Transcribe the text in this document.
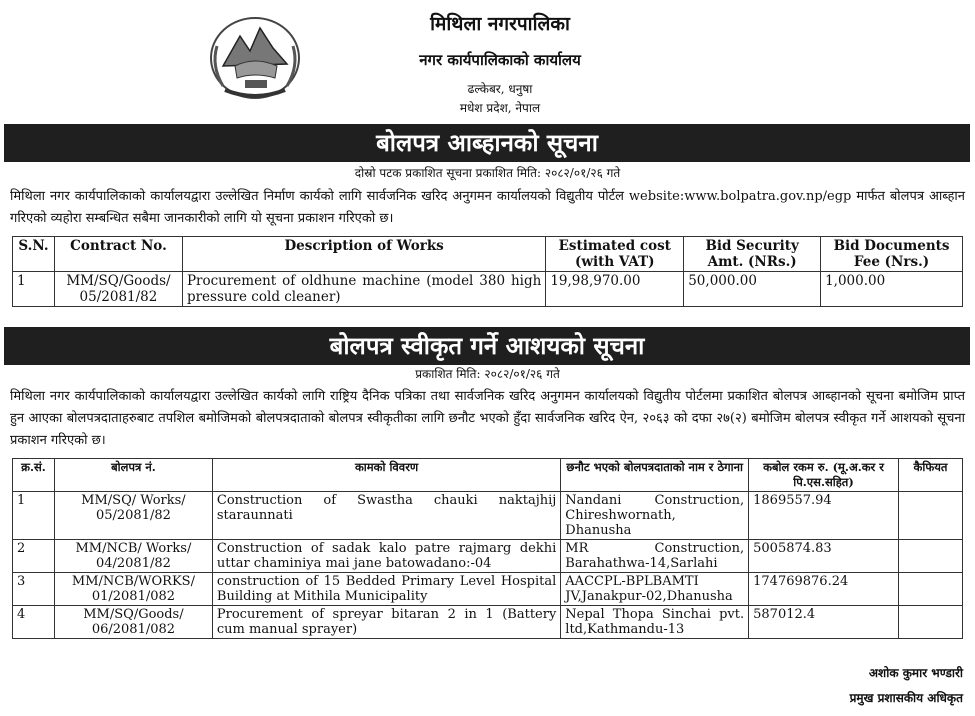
मिथिला नगरपालिका
नगर कार्यपालिकाको कार्यालय
ढल्केबर, धनुषा
मधेश प्रदेश, नेपाल
बोलपत्र आब्हानको सूचना
दोस्रो पटक प्रकाशित सूचना प्रकाशित मिति: २०८२/०१/२६ गते
मिथिला नगर कार्यपालिकाको कार्यालयद्वारा उल्लेखित निर्माण कार्यको लागि सार्वजनिक खरिद अनुगमन कार्यालयको विद्युतीय पोर्टल website:www.bolpatra.gov.np/egp मार्फत बोलपत्र आब्हान गरिएको व्यहोरा सम्बन्धित सबैमा जानकारीको लागि यो सूचना प्रकाशन गरिएको छ।
S.N.	Contract No.	Description of Works	Estimated cost (with VAT)	Bid Security Amt. (NRs.)	Bid Documents Fee (Nrs.)
1	MM/SQ/Goods/ 05/2081/82	Procurement of oldhune machine (model 380 high pressure cold cleaner)	19,98,970.00	50,000.00	1,000.00
बोलपत्र स्वीकृत गर्ने आशयको सूचना
प्रकाशित मिति: २०८२/०१/२६ गते
मिथिला नगर कार्यपालिकाको कार्यालयद्वारा उल्लेखित कार्यको लागि राष्ट्रिय दैनिक पत्रिका तथा सार्वजनिक खरिद अनुगमन कार्यालयको विद्युतीय पोर्टलमा प्रकाशित बोलपत्र आब्हानको सूचना बमोजिम प्राप्त हुन आएका बोलपत्रदाताहरुबाट तपशिल बमोजिमको बोलपत्रदाताको बोलपत्र स्वीकृतीका लागि छनौट भएको हुँदा सार्वजनिक खरिद ऐन, २०६३ को दफा २७(२) बमोजिम बोलपत्र स्वीकृत गर्ने आशयको सूचना प्रकाशन गरिएको छ।
क्र.सं.	बोलपत्र नं.	कामको विवरण	छनौट भएको बोलपत्रदाताको नाम र ठेगाना	कबोल रकम रु. (मू.अ.कर र पि.एस.सहित)	कैफियत
1	MM/SQ/ Works/ 05/2081/82	Construction of Swastha chauki naktajhij staraunnati	Nandani Construction, Chireshwornath, Dhanusha	1869557.94	
2	MM/NCB/ Works/ 04/2081/82	Construction of sadak kalo patre rajmarg dekhi uttar chaminiya mai jane batowadano:-04	MR Construction, Barahathwa-14,Sarlahi	5005874.83	
3	MM/NCB/WORKS/ 01/2081/082	construction of 15 Bedded Primary Level Hospital Building at Mithila Municipality	AACCPL-BPLBAMTI JV,Janakpur-02,Dhanusha	174769876.24	
4	MM/SQ/Goods/ 06/2081/082	Procurement of spreyar bitaran 2 in 1 (Battery cum manual sprayer)	Nepal Thopa Sinchai pvt. ltd,Kathmandu-13	587012.4	
अशोक कुमार भण्डारी
प्रमुख प्रशासकीय अधिकृत
